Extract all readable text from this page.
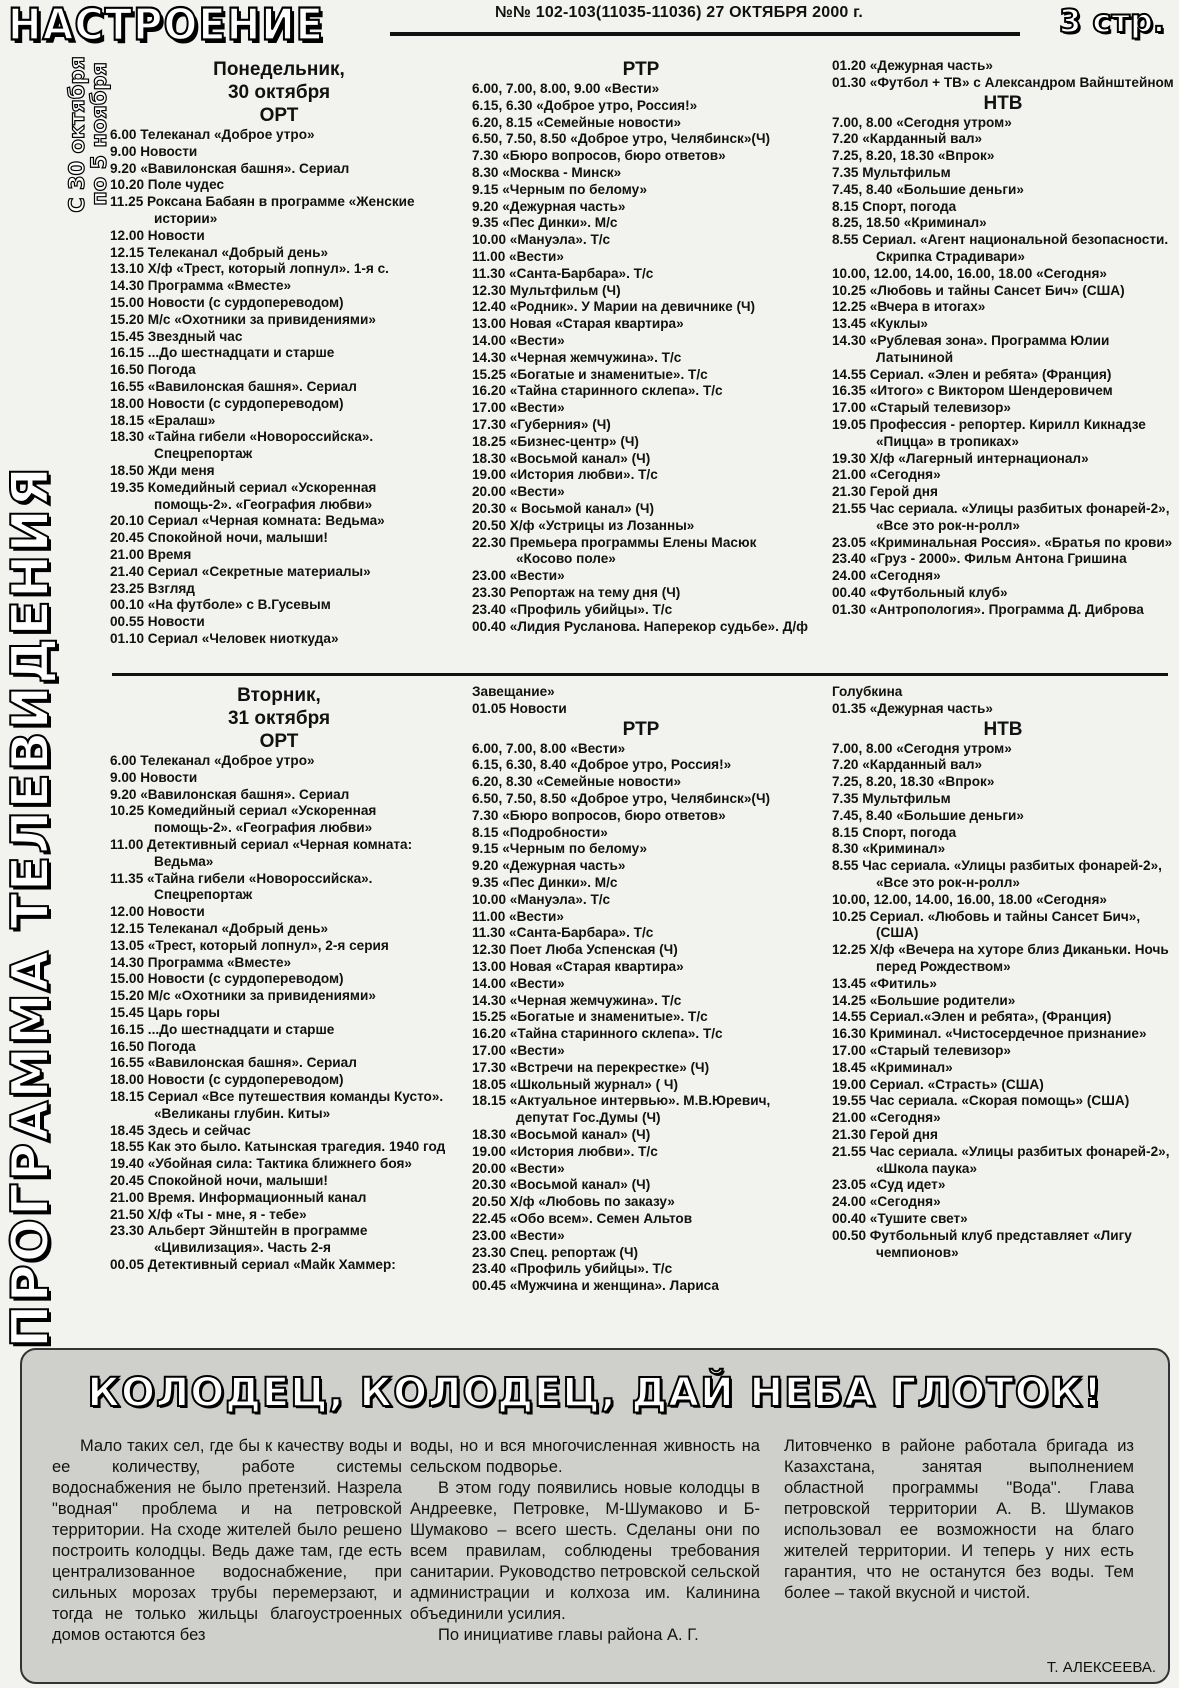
НАСТРОЕНИЕ	№№ 102-103(11035-11036) 27 ОКТЯБРЯ 2000 г.	3 стр.
С 30 октября
по 5 ноября
ПРОГРАММА ТЕЛЕВИДЕНИЯ
Понедельник,
30 октября
ОРТ
6.00 Телеканал «Доброе утро»
9.00 Новости
9.20 «Вавилонская башня». Сериал
10.20 Поле чудес
11.25 Роксана Бабаян в программе «Женские истории»
12.00 Новости
12.15 Телеканал «Добрый день»
13.10 Х/ф «Трест, который лопнул». 1-я с.
14.30 Программа «Вместе»
15.00 Новости (с сурдопереводом)
15.20 М/с «Охотники за привидениями»
15.45 Звездный час
16.15 ...До шестнадцати и старше
16.50 Погода
16.55 «Вавилонская башня». Сериал
18.00 Новости (с сурдопереводом)
18.15 «Ералаш»
18.30 «Тайна гибели «Новороссийска». Спецрепортаж
18.50 Жди меня
19.35 Комедийный сериал «Ускоренная помощь-2». «География любви»
20.10 Сериал «Черная комната: Ведьма»
20.45 Спокойной ночи, малыши!
21.00 Время
21.40 Сериал «Секретные материалы»
23.25 Взгляд
00.10 «На футболе» с В.Гусевым
00.55 Новости
01.10 Сериал «Человек ниоткуда»
РТР
6.00, 7.00, 8.00, 9.00 «Вести»
6.15, 6.30 «Доброе утро, Россия!»
6.20, 8.15 «Семейные новости»
6.50, 7.50, 8.50 «Доброе утро, Челябинск»(Ч)
7.30 «Бюро вопросов, бюро ответов»
8.30 «Москва - Минск»
9.15 «Черным по белому»
9.20 «Дежурная часть»
9.35 «Пес Динки». М/с
10.00 «Мануэла». Т/с
11.00 «Вести»
11.30 «Санта-Барбара». Т/с
12.30 Мультфильм (Ч)
12.40 «Родник». У Марии на девичнике (Ч)
13.00 Новая «Старая квартира»
14.00 «Вести»
14.30 «Черная жемчужина». Т/с
15.25 «Богатые и знаменитые». Т/с
16.20 «Тайна старинного склепа». Т/с
17.00 «Вести»
17.30 «Губерния» (Ч)
18.25 «Бизнес-центр» (Ч)
18.30 «Восьмой канал» (Ч)
19.00 «История любви». Т/с
20.00 «Вести»
20.30 « Восьмой канал» (Ч)
20.50 Х/ф «Устрицы из Лозанны»
22.30 Премьера программы Елены Масюк «Косово поле»
23.00 «Вести»
23.30 Репортаж на тему дня (Ч)
23.40 «Профиль убийцы». Т/с
00.40 «Лидия Русланова. Наперекор судьбе». Д/ф
01.20 «Дежурная часть»
01.30 «Футбол + ТВ» с Александром Вайнштейном
НТВ
7.00, 8.00 «Сегодня утром»
7.20 «Карданный вал»
7.25, 8.20, 18.30 «Впрок»
7.35 Мультфильм
7.45, 8.40 «Большие деньги»
8.15 Спорт, погода
8.25, 18.50 «Криминал»
8.55 Сериал. «Агент национальной безопасности. Скрипка Страдивари»
10.00, 12.00, 14.00, 16.00, 18.00 «Сегодня»
10.25 «Любовь и тайны Сансет Бич» (США)
12.25 «Вчера в итогах»
13.45 «Куклы»
14.30 «Рублевая зона». Программа Юлии Латыниной
14.55 Сериал. «Элен и ребята» (Франция)
16.35 «Итого» с Виктором Шендеровичем
17.00 «Старый телевизор»
19.05 Профессия - репортер. Кирилл Кикнадзе «Пицца» в тропиках»
19.30 Х/ф «Лагерный интернационал»
21.00 «Сегодня»
21.30 Герой дня
21.55 Час сериала. «Улицы разбитых фонарей-2», «Все это рок-н-ролл»
23.05 «Криминальная Россия». «Братья по крови»
23.40 «Груз - 2000». Фильм Антона Гришина
24.00 «Сегодня»
00.40 «Футбольный клуб»
01.30 «Антропология». Программа Д. Диброва
Вторник,
31 октября
ОРТ
6.00 Телеканал «Доброе утро»
9.00 Новости
9.20 «Вавилонская башня». Сериал
10.25 Комедийный сериал «Ускоренная помощь-2». «География любви»
11.00 Детективный сериал «Черная комната: Ведьма»
11.35 «Тайна гибели «Новороссийска». Спецрепортаж
12.00 Новости
12.15 Телеканал «Добрый день»
13.05 «Трест, который лопнул», 2-я серия
14.30 Программа «Вместе»
15.00 Новости (с сурдопереводом)
15.20 М/с «Охотники за привидениями»
15.45 Царь горы
16.15 ...До шестнадцати и старше
16.50 Погода
16.55 «Вавилонская башня». Сериал
18.00 Новости (с сурдопереводом)
18.15 Сериал «Все путешествия команды Кусто». «Великаны глубин. Киты»
18.45 Здесь и сейчас
18.55 Как это было. Катынская трагедия. 1940 год
19.40 «Убойная сила: Тактика ближнего боя»
20.45 Спокойной ночи, малыши!
21.00 Время. Информационный канал
21.50 Х/ф «Ты - мне, я - тебе»
23.30 Альберт Эйнштейн в программе «Цивилизация». Часть 2-я
00.05 Детективный сериал «Майк Хаммер:
Завещание»
01.05 Новости
РТР
6.00, 7.00, 8.00 «Вести»
6.15, 6.30, 8.40 «Доброе утро, Россия!»
6.20, 8.30 «Семейные новости»
6.50, 7.50, 8.50 «Доброе утро, Челябинск»(Ч)
7.30 «Бюро вопросов, бюро ответов»
8.15 «Подробности»
9.15 «Черным по белому»
9.20 «Дежурная часть»
9.35 «Пес Динки». М/с
10.00 «Мануэла». Т/с
11.00 «Вести»
11.30 «Санта-Барбара». Т/с
12.30 Поет Люба Успенская (Ч)
13.00 Новая «Старая квартира»
14.00 «Вести»
14.30 «Черная жемчужина». Т/с
15.25 «Богатые и знаменитые». Т/с
16.20 «Тайна старинного склепа». Т/с
17.00 «Вести»
17.30 «Встречи на перекрестке» (Ч)
18.05 «Школьный журнал» ( Ч)
18.15 «Актуальное интервью». М.В.Юревич, депутат Гос.Думы (Ч)
18.30 «Восьмой канал» (Ч)
19.00 «История любви». Т/с
20.00 «Вести»
20.30 «Восьмой канал» (Ч)
20.50 Х/ф «Любовь по заказу»
22.45 «Обо всем». Семен Альтов
23.00 «Вести»
23.30 Спец. репортаж (Ч)
23.40 «Профиль убийцы». Т/с
00.45 «Мужчина и женщина». Лариса
Голубкина
01.35 «Дежурная часть»
НТВ
7.00, 8.00 «Сегодня утром»
7.20 «Карданный вал»
7.25, 8.20, 18.30 «Впрок»
7.35 Мультфильм
7.45, 8.40 «Большие деньги»
8.15 Спорт, погода
8.30 «Криминал»
8.55 Час сериала. «Улицы разбитых фонарей-2», «Все это рок-н-ролл»
10.00, 12.00, 14.00, 16.00, 18.00 «Сегодня»
10.25 Сериал. «Любовь и тайны Сансет Бич», (США)
12.25 Х/ф «Вечера на хуторе близ Диканьки. Ночь перед Рождеством»
13.45 «Фитиль»
14.25 «Большие родители»
14.55 Сериал.«Элен и ребята», (Франция)
16.30 Криминал. «Чистосердечное признание»
17.00 «Старый телевизор»
18.45 «Криминал»
19.00 Сериал. «Страсть» (США)
19.55 Час сериала. «Скорая помощь» (США)
21.00 «Сегодня»
21.30 Герой дня
21.55 Час сериала. «Улицы разбитых фонарей-2», «Школа паука»
23.05 «Суд идет»
24.00 «Сегодня»
00.40 «Тушите свет»
00.50 Футбольный клуб представляет «Лигу чемпионов»
КОЛОДЕЦ, КОЛОДЕЦ, ДАЙ НЕБА ГЛОТОК!

Мало таких сел, где бы к качеству воды и ее количеству, работе системы водоснабжения не было претензий. Назрела "водная" проблема и на петровской территории. На сходе жителей было решено построить колодцы. Ведь даже там, где есть централизованное водоснабжение, при сильных морозах трубы перемерзают, и тогда не только жильцы благоустроенных домов остаются без

воды, но и вся многочисленная живность на сельском подворье.

В этом году появились новые колодцы в Андреевке, Петровке, М-Шумаково и Б-Шумаково – всего шесть. Сделаны они по всем правилам, соблюдены требования санитарии. Руководство петровской сельской администрации и колхоза им. Калинина объединили усилия.

По инициативе главы района А. Г.

Литовченко в районе работала бригада из Казахстана, занятая выполнением областной программы "Вода". Глава петровской территории А. В. Шумаков использовал ее возможности на благо жителей территории. И теперь у них есть гарантия, что не останутся без воды. Тем более – такой вкусной и чистой.

Т. АЛЕКСЕЕВА.
